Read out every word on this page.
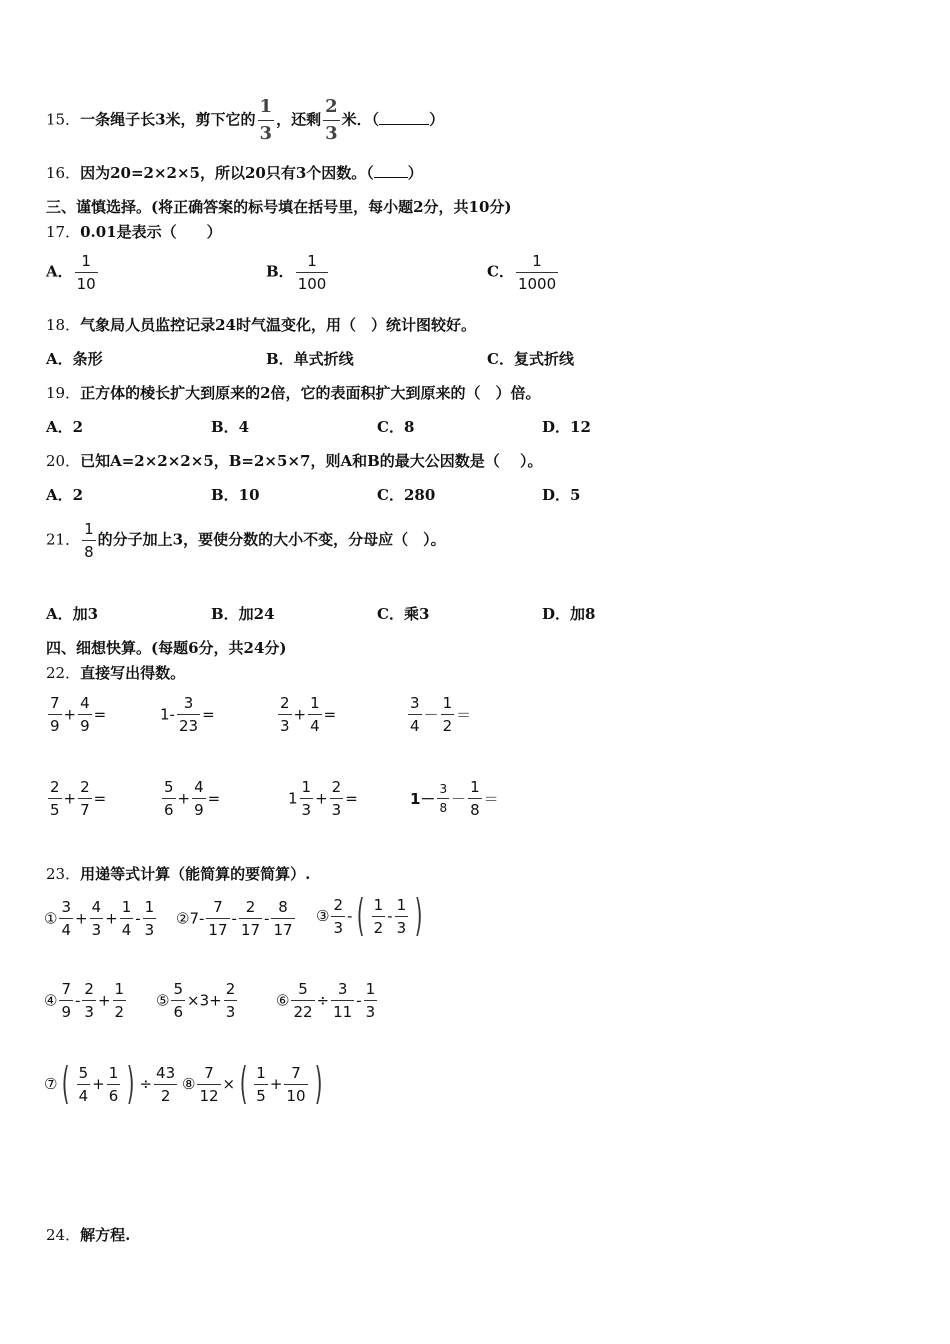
15．一条绳子长3米，剪下它的 $\frac{1}{3}$ ，还剩 $\frac{2}{3}$ 米．（	）
16．因为20=2×2×5，所以20只有3个因数。（ ）
三、谨慎选择。(将正确答案的标号填在括号里，每小题2分，共10分)
17．0.01是表示（　　）
A． $\frac{1}{10}$	B． $\frac{1}{100}$	C． $\frac{1}{1000}$
18．气象局人员监控记录24时气温变化，用（　）统计图较好。
A．条形	B．单式折线	C．复式折线
19．正方体的棱长扩大到原来的2倍，它的表面积扩大到原来的（　）倍。
A．2	B．4	C．8	D．12
20．已知A=2×2×2×5，B=2×5×7，则A和B的最大公因数是（　 ）。
A．2	B．10	C．280	D．5
21． $\frac{1}{8}$ 的分子加上3，要使分数的大小不变，分母应（　）。
A．加3	B．加24	C．乘3	D．加8
四、细想快算。(每题6分，共24分)
22．直接写出得数。
$\frac{7}{9} + \frac{4}{9}$ =	$1- \frac{3}{23}$ =	$\frac{2}{3} + \frac{1}{4}$ =	$\frac{3}{4} - \frac{1}{2}$ ＝
$\frac{2}{5} + \frac{2}{7}$ =	$\frac{5}{6} + \frac{4}{9}$ =	$1 \frac{1}{3} + \frac{2}{3}$ =	$1- \frac{3}{8} - \frac{1}{8}$ ＝
23．用递等式计算（能简算的要简算）.
① $\frac{3}{4} + \frac{4}{3} + \frac{1}{4} - \frac{1}{3}$ ②7- $\frac{7}{17} - \frac{2}{17} - \frac{8}{17}$ ③ $\frac{2}{3}$ - ( $\frac{1}{2} - \frac{1}{3}$ )
④ $\frac{7}{9} - \frac{2}{3} + \frac{1}{2}$ ⑤ $\frac{5}{6} \times 3+ \frac{2}{3}$	⑥ $\frac{5}{22} \div \frac{3}{11} - \frac{1}{3}$
⑦ ( $\frac{5}{4} + \frac{1}{6}$ ) ÷ $\frac{43}{2}$ ⑧ $\frac{7}{12}$ × ( $\frac{1}{5} + \frac{7}{10}$ )
24．解方程.
